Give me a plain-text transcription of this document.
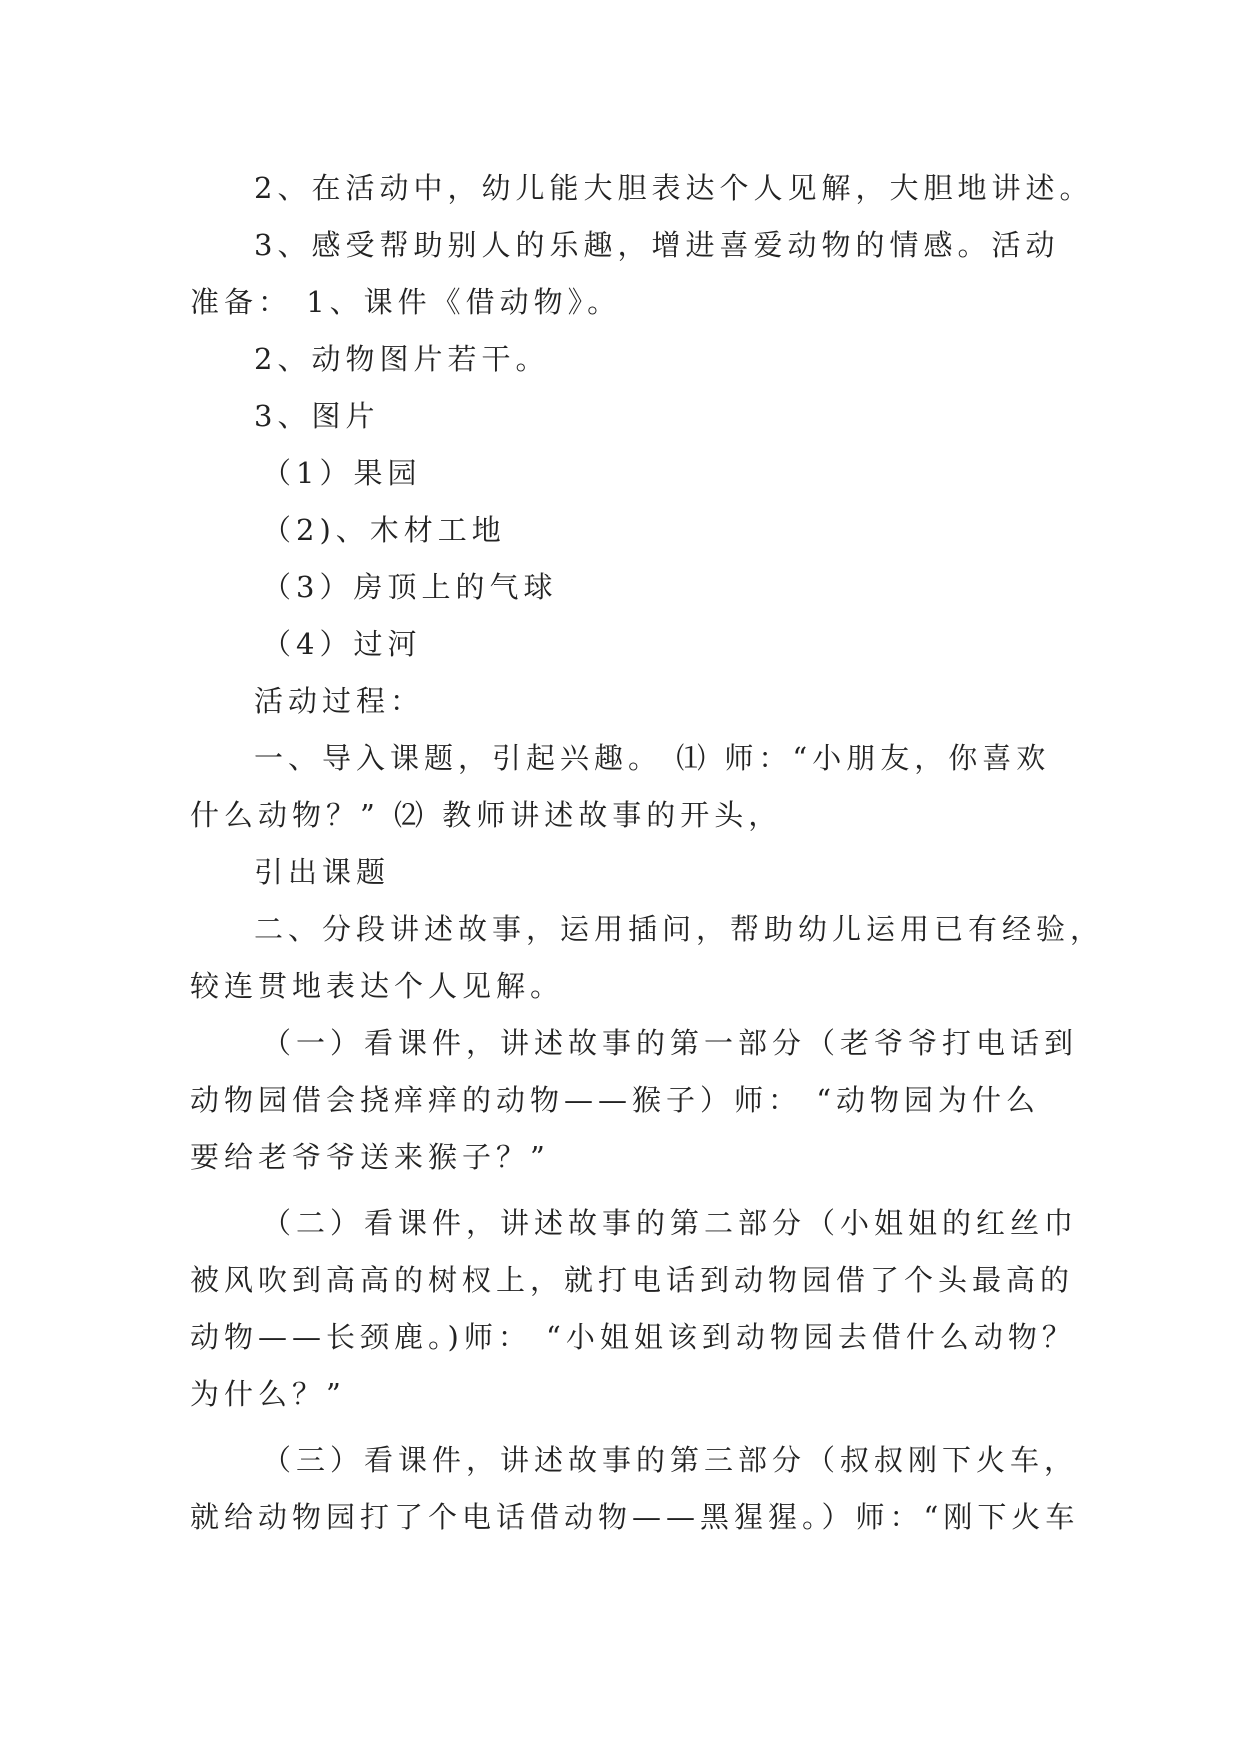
2、在活动中，幼儿能大胆表达个人见解，大胆地讲述。
3、感受帮助别人的乐趣，增进喜爱动物的情感。活动
准备： 1、课件《借动物》。
2、动物图片若干。
3、图片
（1）果园
（2)、木材工地
（3）房顶上的气球
（4）过河
活动过程：
一、导入课题，引起兴趣。 ⑴ 师：“小朋友，你喜欢
什么动物？” ⑵ 教师讲述故事的开头，
引出课题
二、分段讲述故事，运用插问，帮助幼儿运用已有经验，
较连贯地表达个人见解。
（一）看课件，讲述故事的第一部分（老爷爷打电话到
动物园借会挠痒痒的动物——猴子）师： “动物园为什么
要给老爷爷送来猴子？”
（二）看课件，讲述故事的第二部分（小姐姐的红丝巾
被风吹到高高的树杈上，就打电话到动物园借了个头最高的
动物——长颈鹿。)师： “小姐姐该到动物园去借什么动物？
为什么？”
（三）看课件，讲述故事的第三部分（叔叔刚下火车，
就给动物园打了个电话借动物——黑猩猩。）师：“刚下火车
